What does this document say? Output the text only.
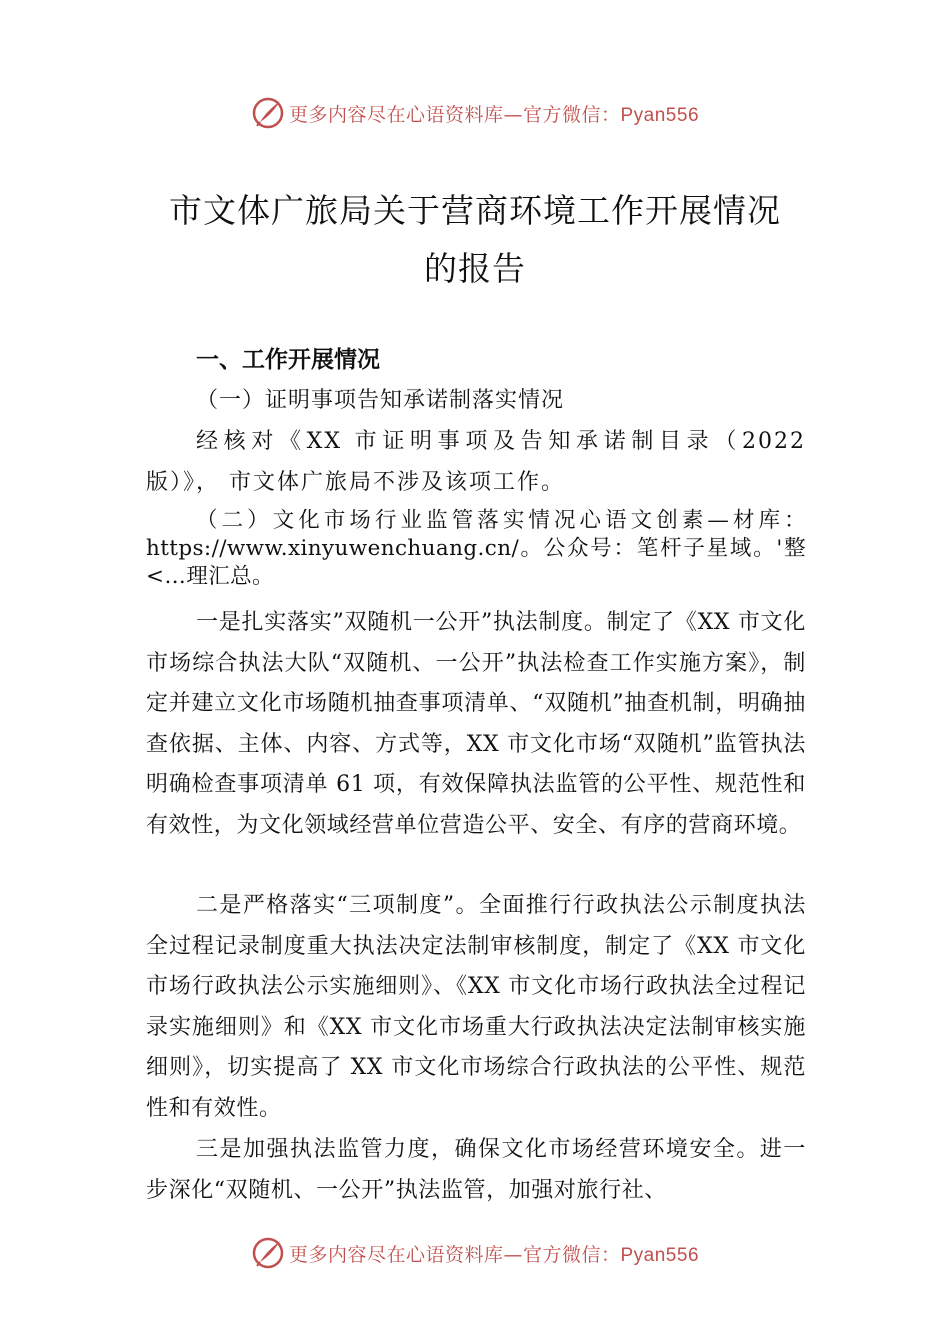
更多内容尽在心语资料库—官方微信：Pyan556
市文体广旅局关于营商环境工作开展情况
的报告
一、工作开展情况
（一）证明事项告知承诺制落实情况

经核对《XX 市证明事项及告知承诺制目录（2022 版）》， 市文体广旅局不涉及该项工作。

（二）文化市场行业监管落实情况心语文创素—材库：https://www.xinyuwenchuang.cn/。公众号：笔杆子星域。'整<…理汇总。

一是扎实落实”双随机一公开”执法制度。制定了《XX 市文化市场综合执法大队“双随机、一公开”执法检查工作实施方案》，制定并建立文化市场随机抽查事项清单、“双随机”抽查机制，明确抽查依据、主体、内容、方式等，XX 市文化市场“双随机”监管执法明确检查事项清单 61 项，有效保障执法监管的公平性、规范性和有效性，为文化领域经营单位营造公平、安全、有序的营商环境。

二是严格落实“三项制度”。全面推行行政执法公示制度执法全过程记录制度重大执法决定法制审核制度，制定了《XX 市文化市场行政执法公示实施细则》、《XX 市文化市场行政执法全过程记录实施细则》和《XX 市文化市场重大行政执法决定法制审核实施细则》，切实提高了 XX 市文化市场综合行政执法的公平性、规范性和有效性。

三是加强执法监管力度，确保文化市场经营环境安全。进一步深化“双随机、一公开”执法监管，加强对旅行社、

更多内容尽在心语资料库—官方微信：Pyan556
